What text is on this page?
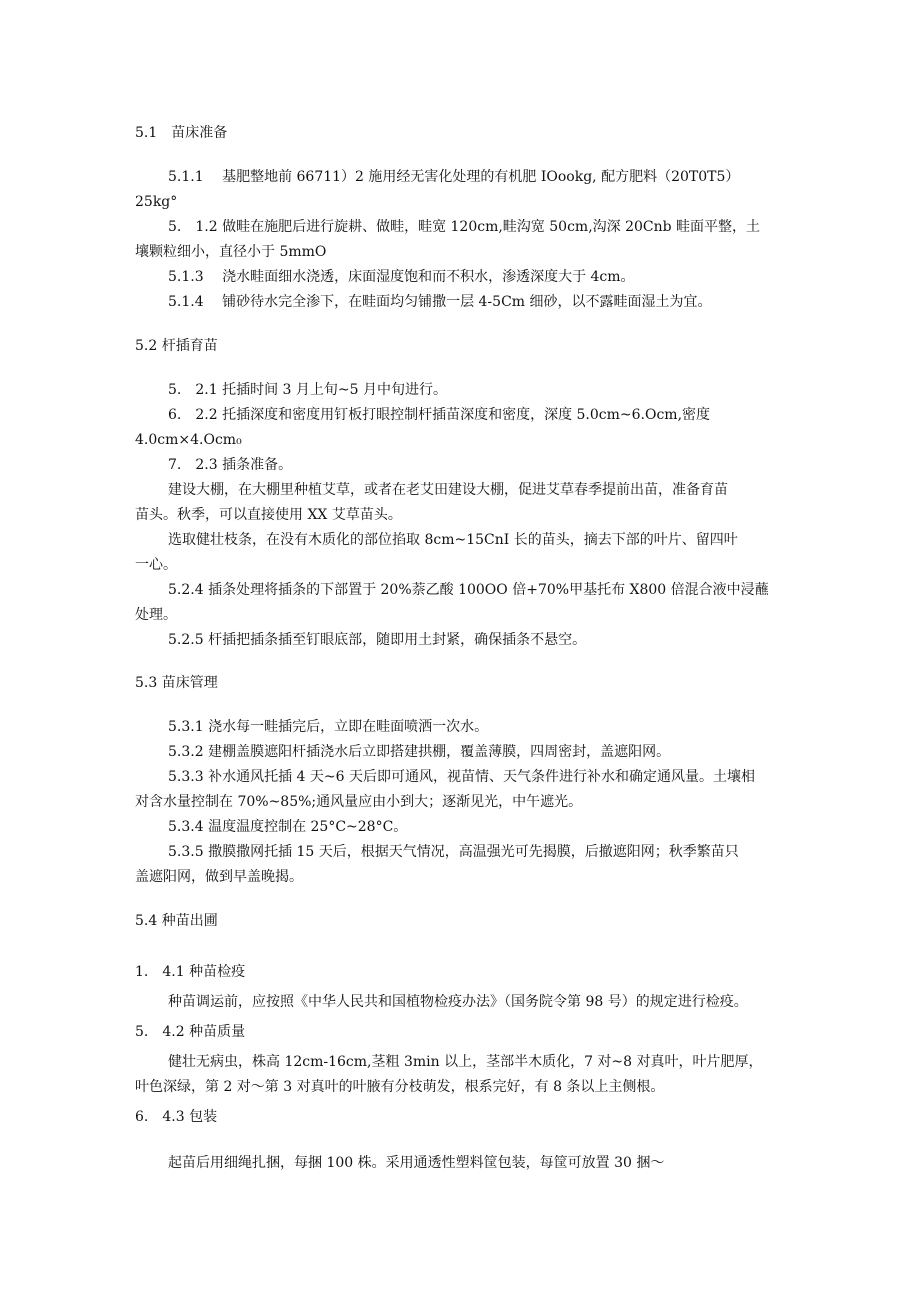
5.1　苗床准备

5.1.1　 基肥整地前 66711）2 施用经无害化处理的有机肥 IOookg, 配方肥料（20T0T5）

25kg°

5.　1.2 做畦在施肥后进行旋耕、做畦，畦宽 120cm,畦沟宽 50cm,沟深 20Cnb 畦面平整，土

壤颗粒细小，直径小于 5mmO

5.1.3　 浇水畦面细水浇透，床面湿度饱和而不积水，渗透深度大于 4cm。

5.1.4　 铺砂待水完全渗下，在畦面均匀铺撒一层 4-5Cm 细砂，以不露畦面湿土为宜。

5.2 杆插育苗

5.　2.1 托插时间 3 月上旬~5 月中旬进行。

6.　2.2 托插深度和密度用钉板打眼控制杆插苗深度和密度，深度 5.0cm~6.Ocm,密度

4.0cm×4.Ocm₀

7.　2.3 插条准备。

建设大棚，在大棚里种植艾草，或者在老艾田建设大棚，促进艾草春季提前出苗，准备育苗

苗头。秋季，可以直接使用 XX 艾草苗头。

选取健壮枝条，在没有木质化的部位掐取 8cm~15CnI 长的苗头，摘去下部的叶片、留四叶

一心。

5.2.4 插条处理将插条的下部置于 20%萘乙酸 100OO 倍+70%甲基托布 X800 倍混合液中浸蘸

处理。

5.2.5 杆插把插条插至钉眼底部，随即用土封紧，确保插条不悬空。

5.3 苗床管理

5.3.1 浇水每一畦插完后，立即在畦面喷洒一次水。

5.3.2 建棚盖膜遮阳杆插浇水后立即搭建拱棚，覆盖薄膜，四周密封，盖遮阳网。

5.3.3 补水通风托插 4 天~6 天后即可通风，视苗情、天气条件进行补水和确定通风量。土壤相

对含水量控制在 70%~85%;通风量应由小到大；逐渐见光，中午遮光。

5.3.4 温度温度控制在 25°C~28°C。

5.3.5 撒膜撒网托插 15 天后，根据天气情况，高温强光可先揭膜，后撤遮阳网；秋季繁苗只

盖遮阳网，做到早盖晚揭。

5.4 种苗出圃

1.　4.1 种苗检疫

种苗调运前，应按照《中华人民共和国植物检疫办法》（国务院令第 98 号）的规定进行检疫。

5.　4.2 种苗质量

健壮无病虫，株高 12cm-16cm,茎粗 3min 以上，茎部半木质化，7 对~8 对真叶，叶片肥厚，

叶色深绿，第 2 对～第 3 对真叶的叶腋有分枝萌发，根系完好，有 8 条以上主侧根。

6.　4.3 包装

起苗后用细绳扎捆，每捆 100 株。采用通透性塑料筐包装，每筐可放置 30 捆～
